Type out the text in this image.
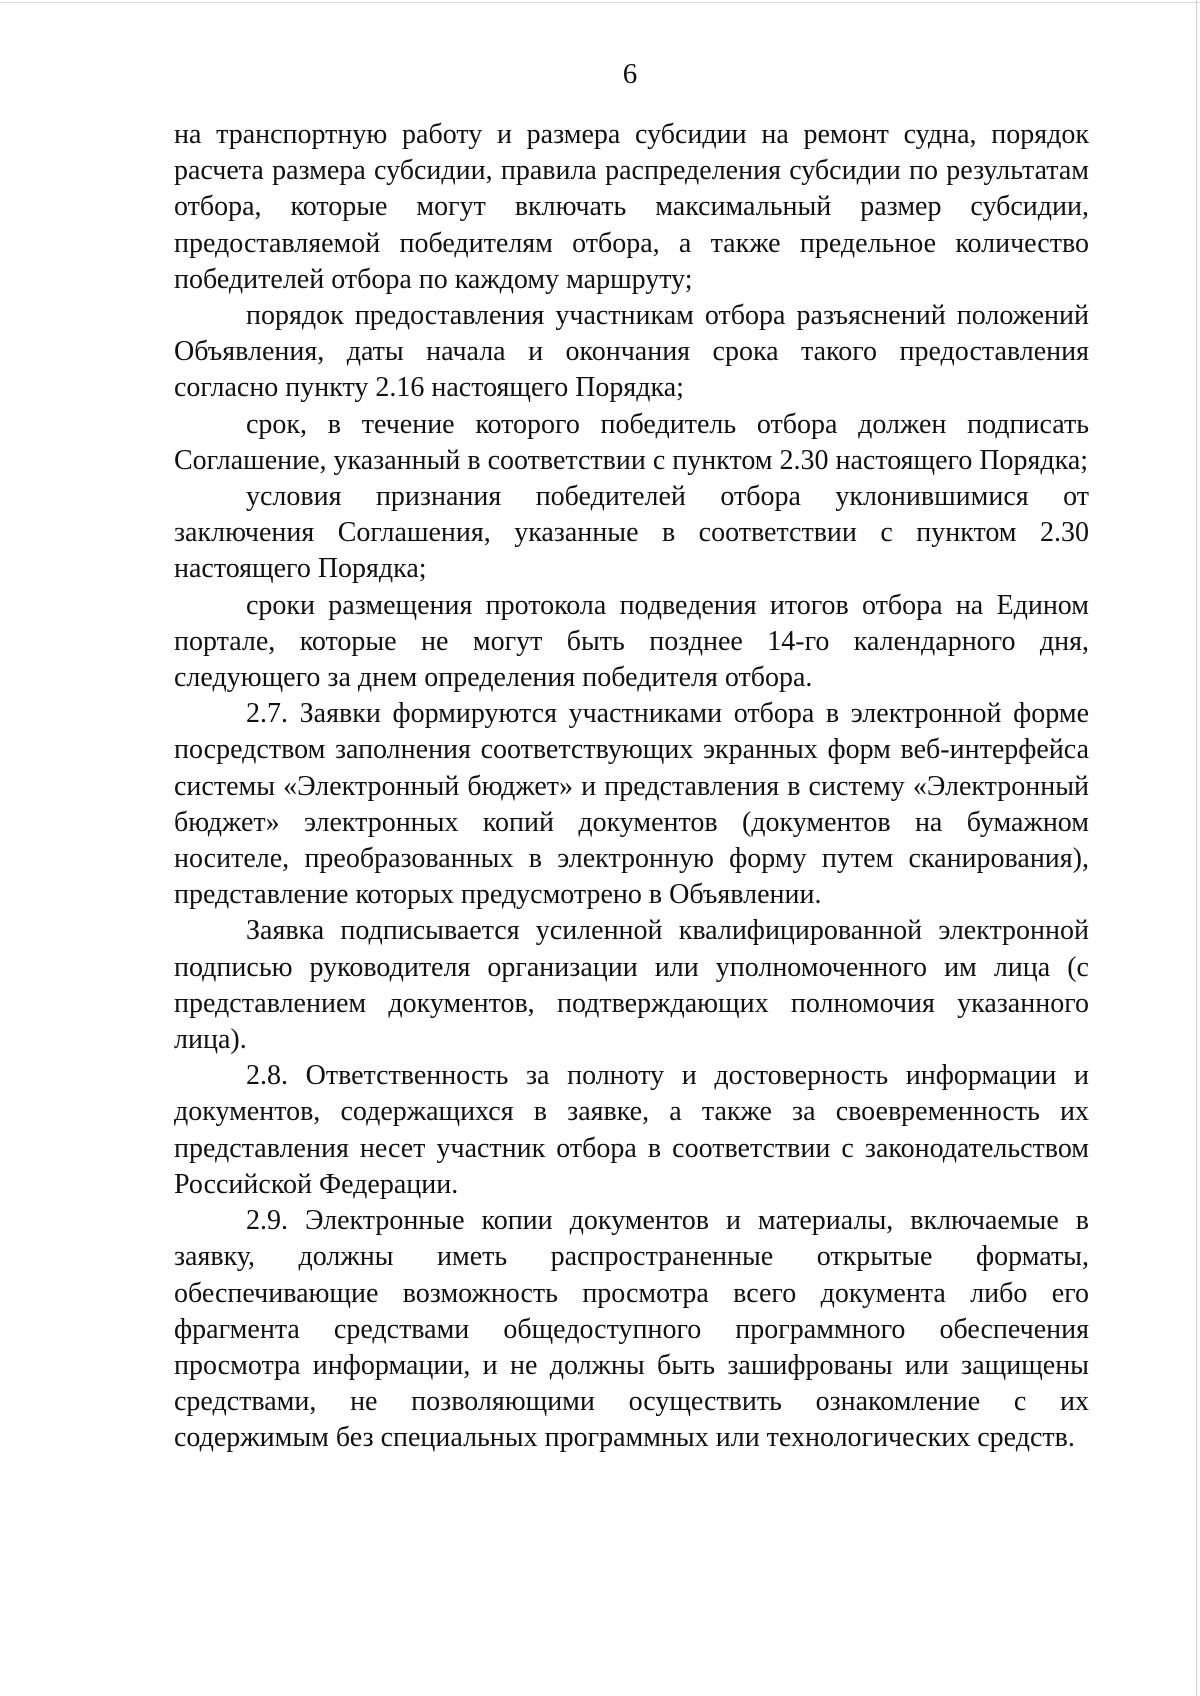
6

на транспортную работу и размера субсидии на ремонт судна, порядок расчета размера субсидии, правила распределения субсидии по результатам отбора, которые могут включать максимальный размер субсидии, предоставляемой победителям отбора, а также предельное количество победителей отбора по каждому маршруту;

порядок предоставления участникам отбора разъяснений положений Объявления, даты начала и окончания срока такого предоставления согласно пункту 2.16 настоящего Порядка;

срок, в течение которого победитель отбора должен подписать Соглашение, указанный в соответствии с пунктом 2.30 настоящего Порядка;

условия признания победителей отбора уклонившимися от заключения Соглашения, указанные в соответствии с пунктом 2.30 настоящего Порядка;

сроки размещения протокола подведения итогов отбора на Едином портале, которые не могут быть позднее 14-го календарного дня, следующего за днем определения победителя отбора.

2.7. Заявки формируются участниками отбора в электронной форме посредством заполнения соответствующих экранных форм веб-интерфейса системы «Электронный бюджет» и представления в систему «Электронный бюджет» электронных копий документов (документов на бумажном носителе, преобразованных в электронную форму путем сканирования), представление которых предусмотрено в Объявлении.

Заявка подписывается усиленной квалифицированной электронной подписью руководителя организации или уполномоченного им лица (с представлением документов, подтверждающих полномочия указанного лица).

2.8. Ответственность за полноту и достоверность информации и документов, содержащихся в заявке, а также за своевременность их представления несет участник отбора в соответствии с законодательством Российской Федерации.

2.9. Электронные копии документов и материалы, включаемые в заявку, должны иметь распространенные открытые форматы, обеспечивающие возможность просмотра всего документа либо его фрагмента средствами общедоступного программного обеспечения просмотра информации, и не должны быть зашифрованы или защищены средствами, не позволяющими осуществить ознакомление с их содержимым без специальных программных или технологических средств.
